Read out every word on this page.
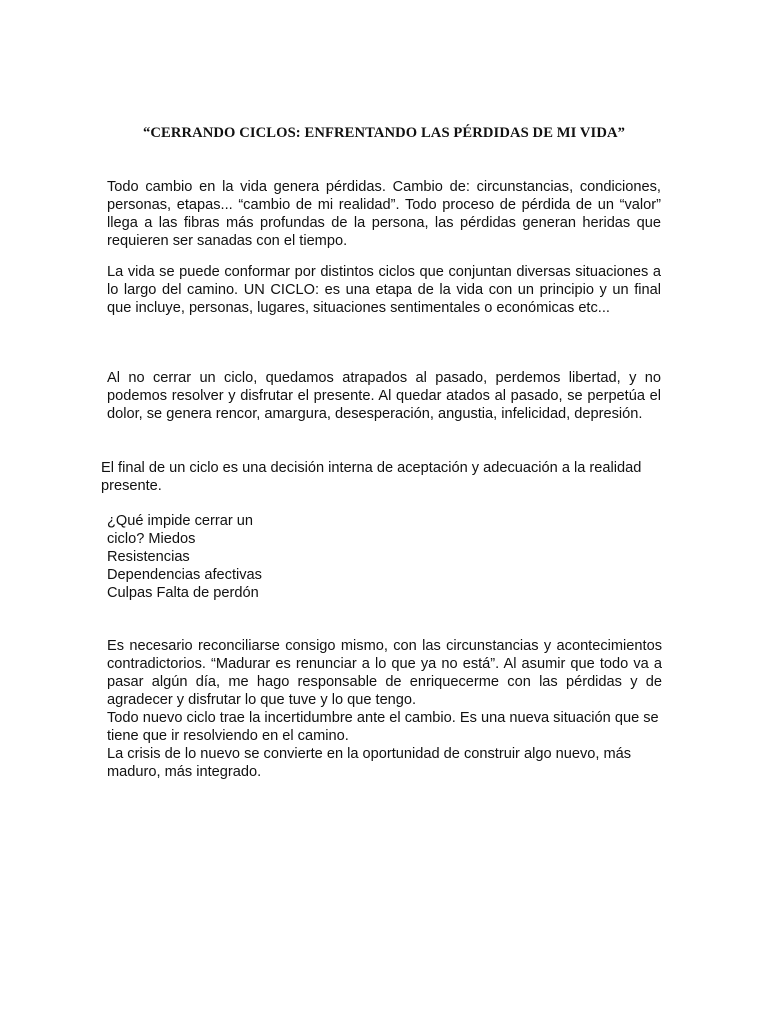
“CERRANDO CICLOS: ENFRENTANDO LAS PÉRDIDAS DE MI VIDA”

Todo cambio en la vida genera pérdidas. Cambio de: circunstancias, condiciones, personas, etapas... “cambio de mi realidad”. Todo proceso de pérdida de un “valor” llega a las fibras más profundas de la persona, las pérdidas generan heridas que requieren ser sanadas con el tiempo.

La vida se puede conformar por distintos ciclos que conjuntan diversas situaciones a lo largo del camino. UN CICLO: es una etapa de la vida con un principio y un final que incluye, personas, lugares, situaciones sentimentales o económicas etc...

Al no cerrar un ciclo, quedamos atrapados al pasado, perdemos libertad, y no podemos resolver y disfrutar el presente. Al quedar atados al pasado, se perpetúa el dolor, se genera rencor, amargura, desesperación, angustia, infelicidad, depresión.

El final de un ciclo es una decisión interna de aceptación y adecuación a la realidad presente.

¿Qué impide cerrar un
ciclo? Miedos
Resistencias
Dependencias afectivas
Culpas Falta de perdón

Es necesario reconciliarse consigo mismo, con las circunstancias y acontecimientos contradictorios. “Madurar es renunciar a lo que ya no está”. Al asumir que todo va a pasar algún día, me hago responsable de enriquecerme con las pérdidas y de agradecer y disfrutar lo que tuve y lo que tengo.

Todo nuevo ciclo trae la incertidumbre ante el cambio. Es una nueva situación que se tiene que ir resolviendo en el camino.

La crisis de lo nuevo se convierte en la oportunidad de construir algo nuevo, más maduro, más integrado.
